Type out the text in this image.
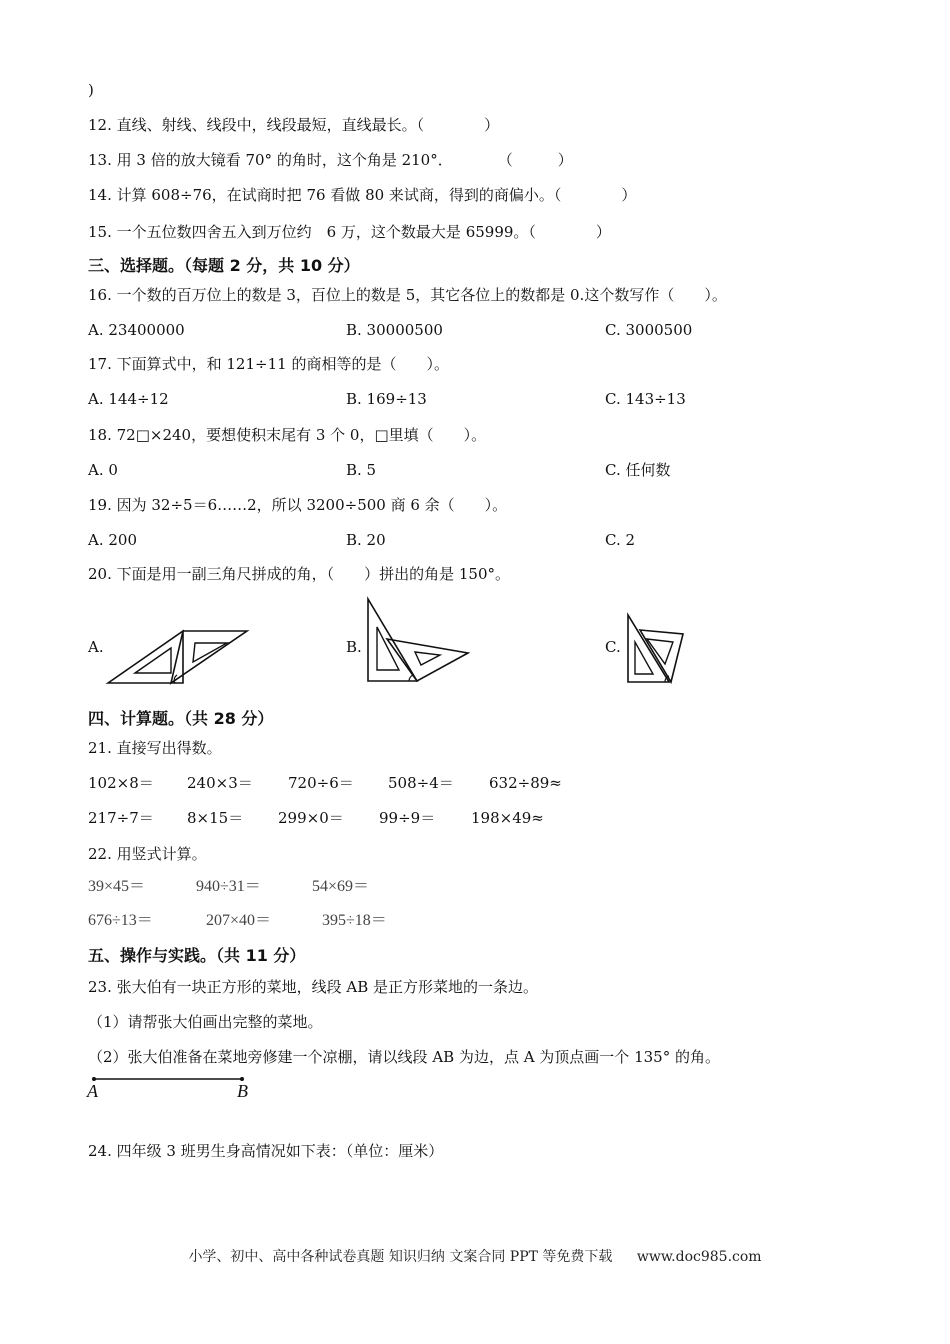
)
12. 直线、射线、线段中，线段最短，直线最长。（　　　　）
13. 用 3 倍的放大镜看 70° 的角时，这个角是 210°．　　　　（　　　）
14. 计算 608÷76，在试商时把 76 看做 80 来试商，得到的商偏小。（　　　　）
15. 一个五位数四舍五入到万位约　6 万，这个数最大是 65999。（　　　　）
三、选择题。（每题 2 分，共 10 分）
16. 一个数的百万位上的数是 3，百位上的数是 5，其它各位上的数都是 0.这个数写作（　　）。
A. 23400000	B. 30000500	C. 3000500
17. 下面算式中，和 121÷11 的商相等的是（　　）。
A. 144÷12	B. 169÷13	C. 143÷13
18. 72□×240，要想使积末尾有 3 个 0，□里填（　　）。
A. 0	B. 5	C. 任何数
19. 因为 32÷5＝6……2，所以 3200÷500 商 6 余（　　）。
A. 200	B. 20	C. 2
20. 下面是用一副三角尺拼成的角，（　　）拼出的角是 150°。
A.	B.	C.
四、计算题。（共 28 分）
21. 直接写出得数。
102×8＝ 240×3＝ 720÷6＝ 508÷4＝ 632÷89≈
217÷7＝ 8×15＝ 299×0＝ 99÷9＝ 198×49≈
22. 用竖式计算。
39×45＝	940÷31＝	54×69＝
676÷13＝	207×40＝	395÷18＝
五、操作与实践。（共 11 分）
23. 张大伯有一块正方形的菜地，线段 AB 是正方形菜地的一条边。
（1）请帮张大伯画出完整的菜地。
（2）张大伯准备在菜地旁修建一个凉棚，请以线段 AB 为边，点 A 为顶点画一个 135° 的角。
A	B
24. 四年级 3 班男生身高情况如下表：（单位：厘米）
小学、初中、高中各种试卷真题 知识归纳 文案合同 PPT 等免费下载 www.doc985.com
